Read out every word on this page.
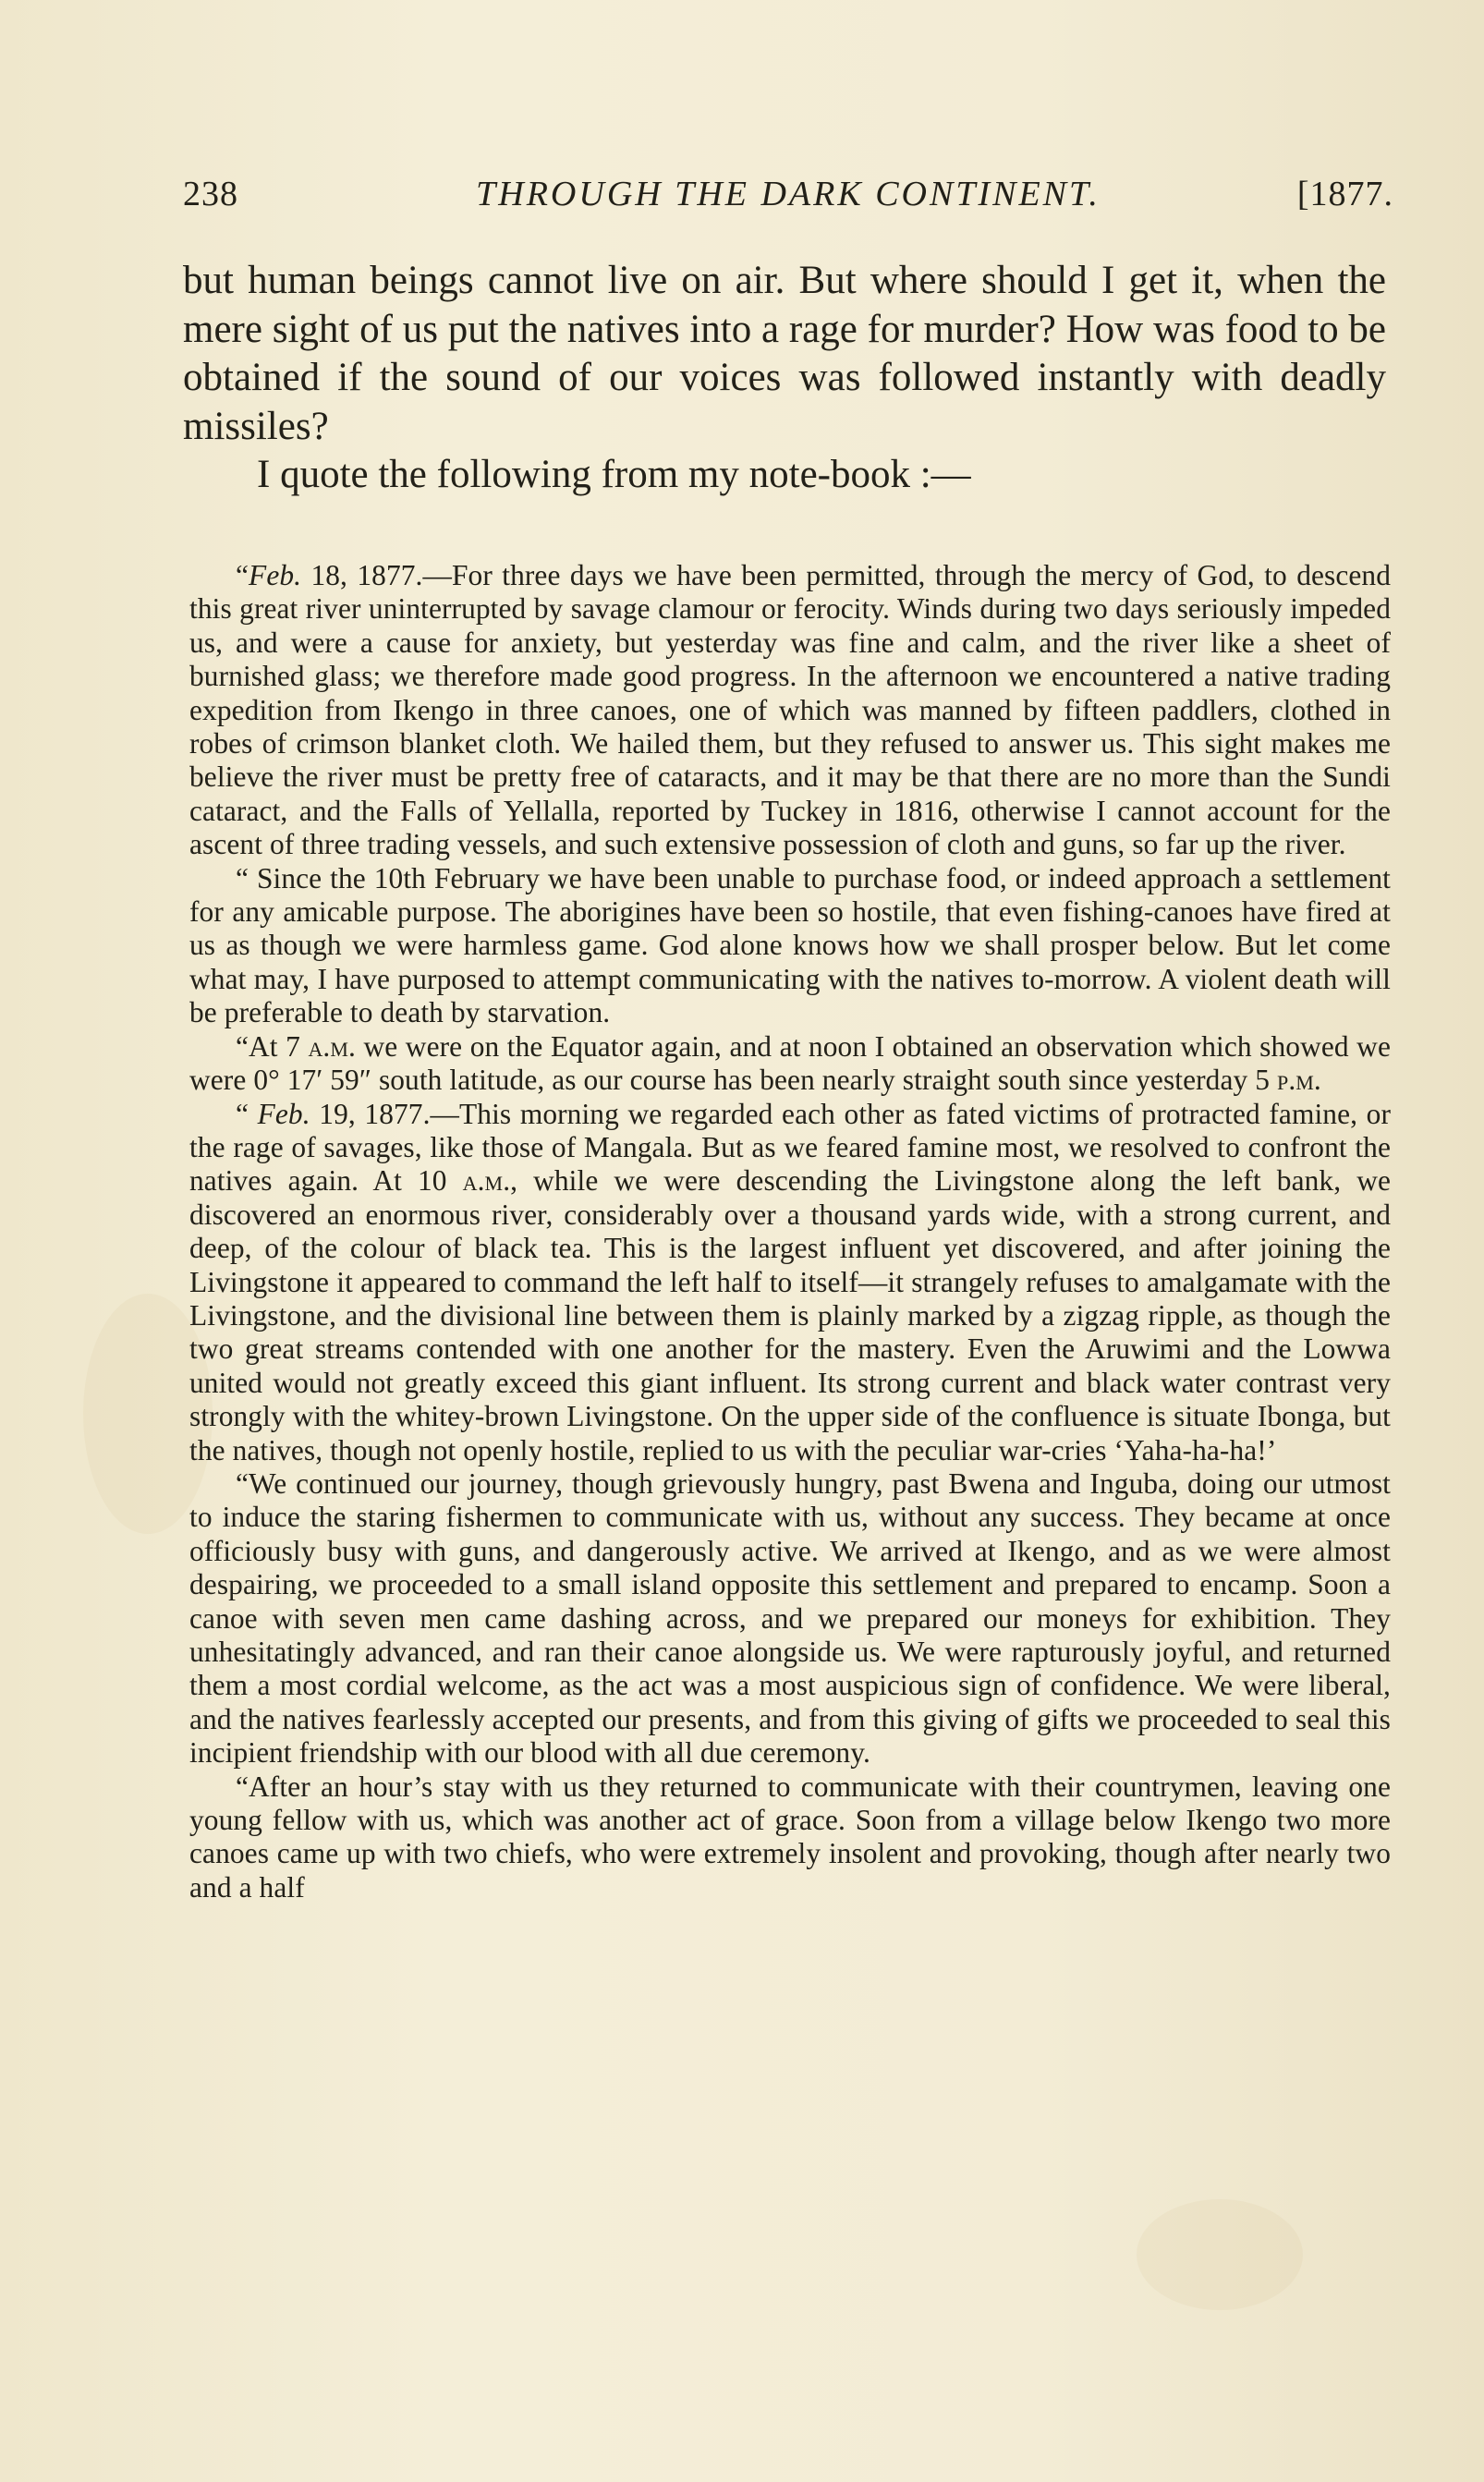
238	THROUGH THE DARK CONTINENT.	[1877.

but human beings cannot live on air. But where should I get it, when the mere sight of us put the natives into a rage for murder? How was food to be obtained if the sound of our voices was followed instantly with deadly missiles?

I quote the following from my note-book :—

“Feb. 18, 1877.—For three days we have been permitted, through the mercy of God, to descend this great river uninterrupted by savage clamour or ferocity. Winds during two days seriously impeded us, and were a cause for anxiety, but yesterday was fine and calm, and the river like a sheet of burnished glass; we therefore made good progress. In the afternoon we encountered a native trading expedition from Ikengo in three canoes, one of which was manned by fifteen paddlers, clothed in robes of crimson blanket cloth. We hailed them, but they refused to answer us. This sight makes me believe the river must be pretty free of cataracts, and it may be that there are no more than the Sundi cataract, and the Falls of Yellalla, reported by Tuckey in 1816, otherwise I cannot account for the ascent of three trading vessels, and such extensive possession of cloth and guns, so far up the river.

“ Since the 10th February we have been unable to purchase food, or indeed approach a settlement for any amicable purpose. The aborigines have been so hostile, that even fishing-canoes have fired at us as though we were harmless game. God alone knows how we shall prosper below. But let come what may, I have purposed to attempt communicating with the natives to-morrow. A violent death will be preferable to death by starvation.

“At 7 a.m. we were on the Equator again, and at noon I obtained an observation which showed we were 0° 17′ 59″ south latitude, as our course has been nearly straight south since yesterday 5 p.m.

“ Feb. 19, 1877.—This morning we regarded each other as fated victims of protracted famine, or the rage of savages, like those of Mangala. But as we feared famine most, we resolved to confront the natives again. At 10 a.m., while we were descending the Livingstone along the left bank, we discovered an enormous river, considerably over a thousand yards wide, with a strong current, and deep, of the colour of black tea. This is the largest influent yet discovered, and after joining the Livingstone it appeared to command the left half to itself—it strangely refuses to amalgamate with the Livingstone, and the divisional line between them is plainly marked by a zigzag ripple, as though the two great streams contended with one another for the mastery. Even the Aruwimi and the Lowwa united would not greatly exceed this giant influent. Its strong current and black water contrast very strongly with the whitey-brown Livingstone. On the upper side of the confluence is situate Ibonga, but the natives, though not openly hostile, replied to us with the peculiar war-cries ‘Yaha-ha-ha!’

“We continued our journey, though grievously hungry, past Bwena and Inguba, doing our utmost to induce the staring fishermen to communicate with us, without any success. They became at once officiously busy with guns, and dangerously active. We arrived at Ikengo, and as we were almost despairing, we proceeded to a small island opposite this settlement and prepared to encamp. Soon a canoe with seven men came dashing across, and we prepared our moneys for exhibition. They unhesitatingly advanced, and ran their canoe alongside us. We were rapturously joyful, and returned them a most cordial welcome, as the act was a most auspicious sign of confidence. We were liberal, and the natives fearlessly accepted our presents, and from this giving of gifts we proceeded to seal this incipient friendship with our blood with all due ceremony.

“After an hour’s stay with us they returned to communicate with their countrymen, leaving one young fellow with us, which was another act of grace. Soon from a village below Ikengo two more canoes came up with two chiefs, who were extremely insolent and provoking, though after nearly two and a half
